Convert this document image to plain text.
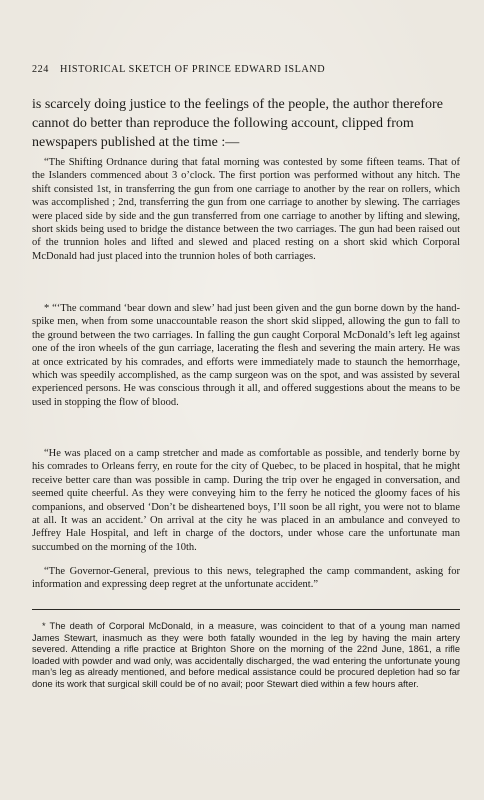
224 HISTORICAL SKETCH OF PRINCE EDWARD ISLAND

is scarcely doing justice to the feelings of the people, the author therefore cannot do better than reproduce the following account, clipped from newspapers published at the time :—

“The Shifting Ordnance during that fatal morning was contested by some fifteen teams. That of the Islanders commenced about 3 o’clock. The first portion was performed without any hitch. The shift consisted 1st, in transferring the gun from one carriage to another by the rear on rollers, which was accomplished ; 2nd, transferring the gun from one carriage to another by slewing. The carriages were placed side by side and the gun transferred from one carriage to another by lifting and slewing, short skids being used to bridge the distance between the two carriages. The gun had been raised out of the trunnion holes and lifted and slewed and placed resting on a short skid which Corporal McDonald had just placed into the trunnion holes of both carriages.

* “‘The command ‘bear down and slew’ had just been given and the gun borne down by the hand-spike men, when from some unaccountable reason the short skid slipped, allowing the gun to fall to the ground between the two carriages. In falling the gun caught Corporal McDonald’s left leg against one of the iron wheels of the gun carriage, lacerating the flesh and severing the main artery. He was at once extricated by his comrades, and efforts were immediately made to staunch the hemorrhage, which was speedily accomplished, as the camp surgeon was on the spot, and was assisted by several experienced persons. He was conscious through it all, and offered suggestions about the means to be used in stopping the flow of blood.

“He was placed on a camp stretcher and made as comfortable as possible, and tenderly borne by his comrades to Orleans ferry, en route for the city of Quebec, to be placed in hospital, that he might receive better care than was possible in camp. During the trip over he engaged in conversation, and seemed quite cheerful. As they were conveying him to the ferry he noticed the gloomy faces of his companions, and observed ‘Don’t be disheartened boys, I’ll soon be all right, you were not to blame at all. It was an accident.’ On arrival at the city he was placed in an ambulance and conveyed to Jeffrey Hale Hospital, and left in charge of the doctors, under whose care the unfortunate man succumbed on the morning of the 10th.

“The Governor-General, previous to this news, telegraphed the camp commandent, asking for information and expressing deep regret at the unfortunate accident.”

* The death of Corporal McDonald, in a measure, was coincident to that of a young man named James Stewart, inasmuch as they were both fatally wounded in the leg by having the main artery severed. Attending a rifle practice at Brighton Shore on the morning of the 22nd June, 1861, a rifle loaded with powder and wad only, was accidentally discharged, the wad entering the unfortunate young man’s leg as already mentioned, and before medical assistance could be procured depletion had so far done its work that surgical skill could be of no avail; poor Stewart died within a few hours after.
